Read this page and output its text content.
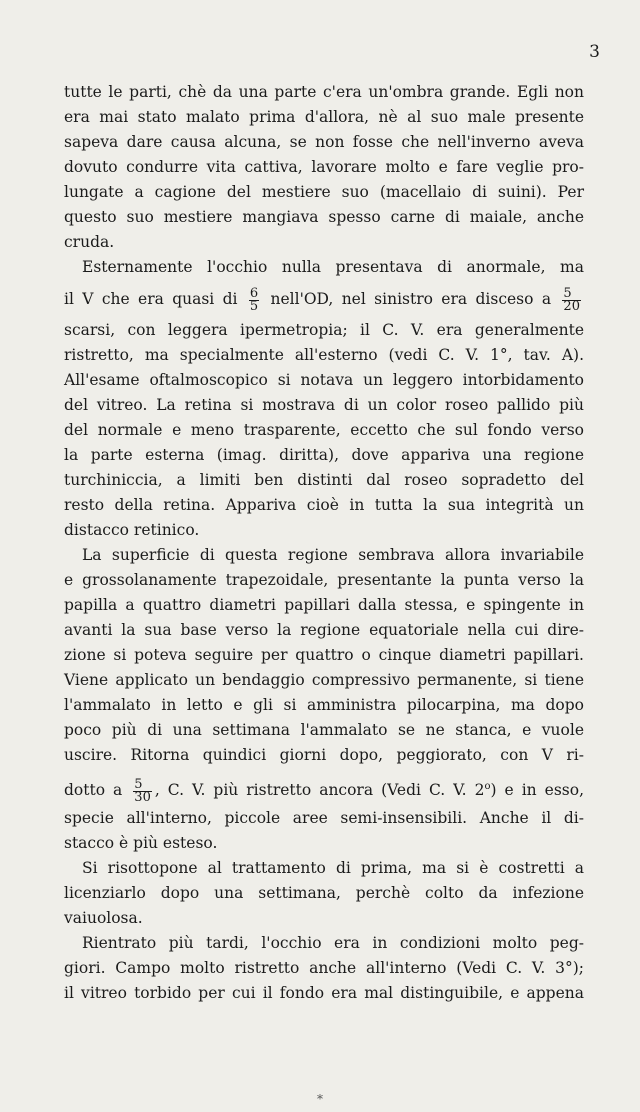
3
tutte le parti, chè da una parte c'era un'ombra grande. Egli non
era mai stato malato prima d'allora, nè al suo male presente
sapeva dare causa alcuna, se non fosse che nell'inverno aveva
dovuto condurre vita cattiva, lavorare molto e fare veglie pro-
lungate a cagione del mestiere suo (macellaio di suini). Per
questo suo mestiere mangiava spesso carne di maiale, anche
cruda.
Esternamente l'occhio nulla presentava di anormale, ma
il V che era quasi di $\frac{6}{5}$ nell'OD, nel sinistro era disceso a $\frac{5}{20}$
scarsi, con leggera ipermetropia; il C. V. era generalmente
ristretto, ma specialmente all'esterno (vedi C. V. 1°, tav. A).
All'esame oftalmoscopico si notava un leggero intorbidamento
del vitreo. La retina si mostrava di un color roseo pallido più
del normale e meno trasparente, eccetto che sul fondo verso
la parte esterna (imag. diritta), dove appariva una regione
turchiniccia, a limiti ben distinti dal roseo sopradetto del
resto della retina. Appariva cioè in tutta la sua integrità un
distacco retinico.
La superficie di questa regione sembrava allora invariabile
e grossolanamente trapezoidale, presentante la punta verso la
papilla a quattro diametri papillari dalla stessa, e spingente in
avanti la sua base verso la regione equatoriale nella cui dire-
zione si poteva seguire per quattro o cinque diametri papillari.
Viene applicato un bendaggio compressivo permanente, si tiene
l'ammalato in letto e gli si amministra pilocarpina, ma dopo
poco più di una settimana l'ammalato se ne stanca, e vuole
uscire. Ritorna quindici giorni dopo, peggiorato, con V ri-
dotto a $\frac{5}{30}$ , C. V. più ristretto ancora (Vedi C. V. 2$^o$) e in esso,
specie all'interno, piccole aree semi-insensibili. Anche il di-
stacco è più esteso.
Si risottopone al trattamento di prima, ma si è costretti a
licenziarlo dopo una settimana, perchè colto da infezione
vaiuolosa.
Rientrato più tardi, l'occhio era in condizioni molto peg-
giori. Campo molto ristretto anche all'interno (Vedi C. V. 3°);
il vitreo torbido per cui il fondo era mal distinguibile, e appena
*
